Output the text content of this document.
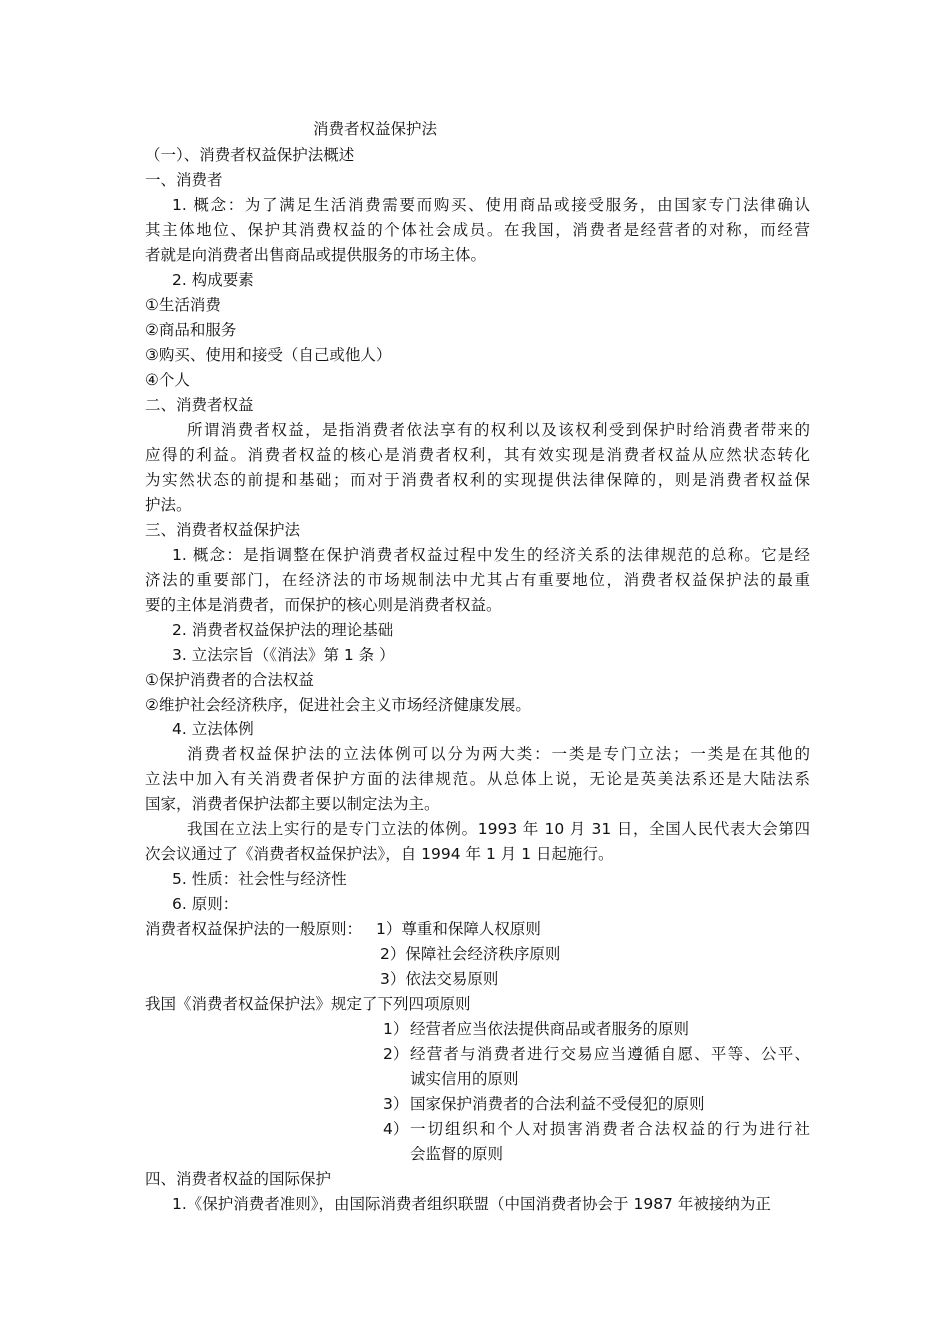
消费者权益保护法
（一）、消费者权益保护法概述
一、消费者
1. 概念：为了满足生活消费需要而购买、使用商品或接受服务，由国家专门法律确认
其主体地位、保护其消费权益的个体社会成员。在我国，消费者是经营者的对称，而经营
者就是向消费者出售商品或提供服务的市场主体。
2. 构成要素
①生活消费
②商品和服务
③购买、使用和接受（自己或他人）
④个人
二、消费者权益
所谓消费者权益，是指消费者依法享有的权利以及该权利受到保护时给消费者带来的
应得的利益。消费者权益的核心是消费者权利，其有效实现是消费者权益从应然状态转化
为实然状态的前提和基础；而对于消费者权利的实现提供法律保障的，则是消费者权益保
护法。
三、消费者权益保护法
1. 概念：是指调整在保护消费者权益过程中发生的经济关系的法律规范的总称。它是经
济法的重要部门，在经济法的市场规制法中尤其占有重要地位，消费者权益保护法的最重
要的主体是消费者，而保护的核心则是消费者权益。
2. 消费者权益保护法的理论基础
3. 立法宗旨（《消法》第 1 条 ）
①保护消费者的合法权益
②维护社会经济秩序，促进社会主义市场经济健康发展。
4. 立法体例
消费者权益保护法的立法体例可以分为两大类：一类是专门立法；一类是在其他的
立法中加入有关消费者保护方面的法律规范。从总体上说，无论是英美法系还是大陆法系
国家，消费者保护法都主要以制定法为主。
我国在立法上实行的是专门立法的体例。1993 年 10 月 31 日，全国人民代表大会第四
次会议通过了《消费者权益保护法》，自 1994 年 1 月 1 日起施行。
5. 性质：社会性与经济性
6. 原则：
消费者权益保护法的一般原则： 1）尊重和保障人权原则
2）保障社会经济秩序原则
3）依法交易原则
我国《消费者权益保护法》规定了下列四项原则
1） 经营者应当依法提供商品或者服务的原则
2） 经营者与消费者进行交易应当遵循自愿、平等、公平、
诚实信用的原则
3） 国家保护消费者的合法利益不受侵犯的原则
4） 一切组织和个人对损害消费者合法权益的行为进行社
会监督的原则
四、消费者权益的国际保护
1.《保护消费者准则》，由国际消费者组织联盟（中国消费者协会于 1987 年被接纳为正
